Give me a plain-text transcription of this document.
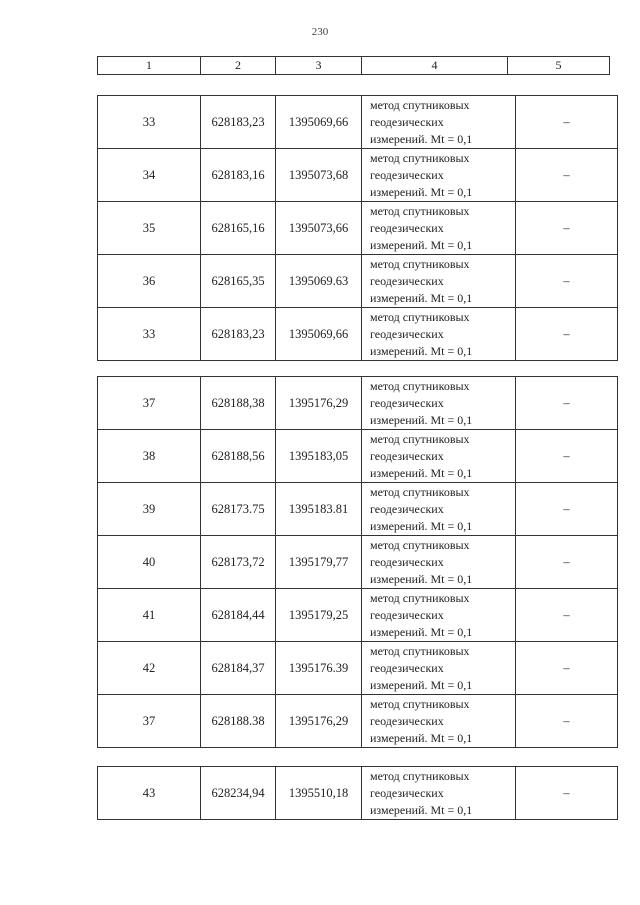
230
1	2	3	4	5
33	628183,23	1395069,66	метод спутниковых
геодезических
измерений. Mt = 0,1	–
34	628183,16	1395073,68	метод спутниковых
геодезических
измерений. Mt = 0,1	–
35	628165,16	1395073,66	метод спутниковых
геодезических
измерений. Mt = 0,1	–
36	628165,35	1395069.63	метод спутниковых
геодезических
измерений. Mt = 0,1	–
33	628183,23	1395069,66	метод спутниковых
геодезических
измерений. Mt = 0,1	–
37	628188,38	1395176,29	метод спутниковых
геодезических
измерений. Mt = 0,1	–
38	628188,56	1395183,05	метод спутниковых
геодезических
измерений. Mt = 0,1	–
39	628173.75	1395183.81	метод спутниковых
геодезических
измерений. Mt = 0,1	–
40	628173,72	1395179,77	метод спутниковых
геодезических
измерений. Mt = 0,1	–
41	628184,44	1395179,25	метод спутниковых
геодезических
измерений. Mt = 0,1	–
42	628184,37	1395176.39	метод спутниковых
геодезических
измерений. Mt = 0,1	–
37	628188.38	1395176,29	метод спутниковых
геодезических
измерений. Mt = 0,1	–
43	628234,94	1395510,18	
метод спутниковых
геодезических
измерений. Mt = 0,1
	–
